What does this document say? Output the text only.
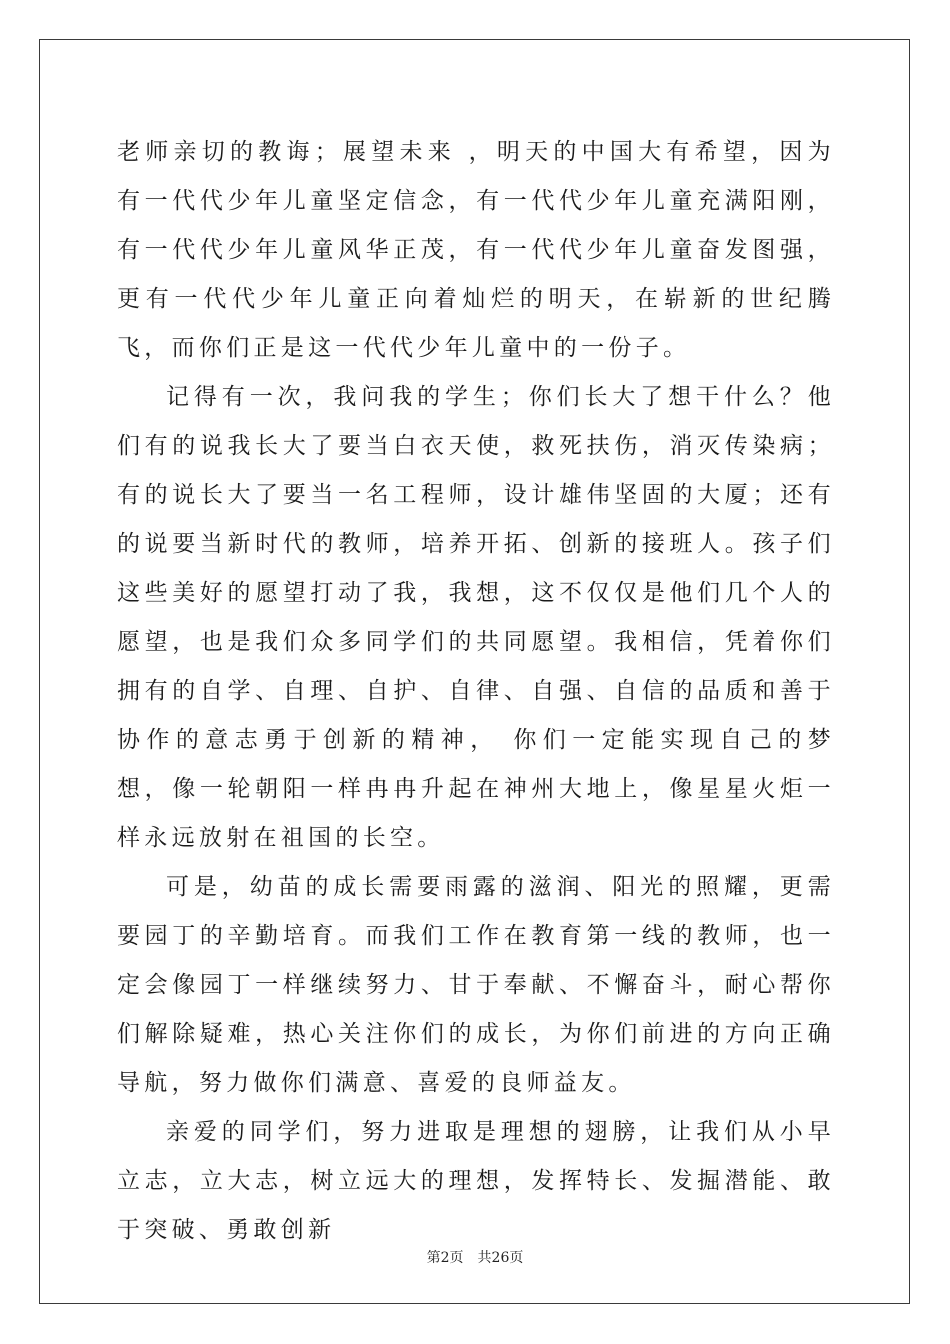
老师亲切的教诲；展望未来 ，明天的中国大有希望，因为有一代代少年儿童坚定信念，有一代代少年儿童充满阳刚，有一代代少年儿童风华正茂，有一代代少年儿童奋发图强，更有一代代少年儿童正向着灿烂的明天，在崭新的世纪腾飞，而你们正是这一代代少年儿童中的一份子。

记得有一次，我问我的学生；你们长大了想干什么？他们有的说我长大了要当白衣天使，救死扶伤，消灭传染病；有的说长大了要当一名工程师，设计雄伟坚固的大厦；还有的说要当新时代的教师，培养开拓、创新的接班人。孩子们这些美好的愿望打动了我，我想，这不仅仅是他们几个人的愿望，也是我们众多同学们的共同愿望。我相信，凭着你们拥有的自学、自理、自护、自律、自强、自信的品质和善于协作的意志勇于创新的精神， 你们一定能实现自己的梦想，像一轮朝阳一样冉冉升起在神州大地上，像星星火炬一样永远放射在祖国的长空。

可是，幼苗的成长需要雨露的滋润、阳光的照耀，更需要园丁的辛勤培育。而我们工作在教育第一线的教师，也一定会像园丁一样继续努力、甘于奉献、不懈奋斗，耐心帮你们解除疑难，热心关注你们的成长，为你们前进的方向正确导航，努力做你们满意、喜爱的良师益友。

亲爱的同学们，努力进取是理想的翅膀，让我们从小早立志，立大志，树立远大的理想，发挥特长、发掘潜能、敢于突破、勇敢创新

第2页 共26页
